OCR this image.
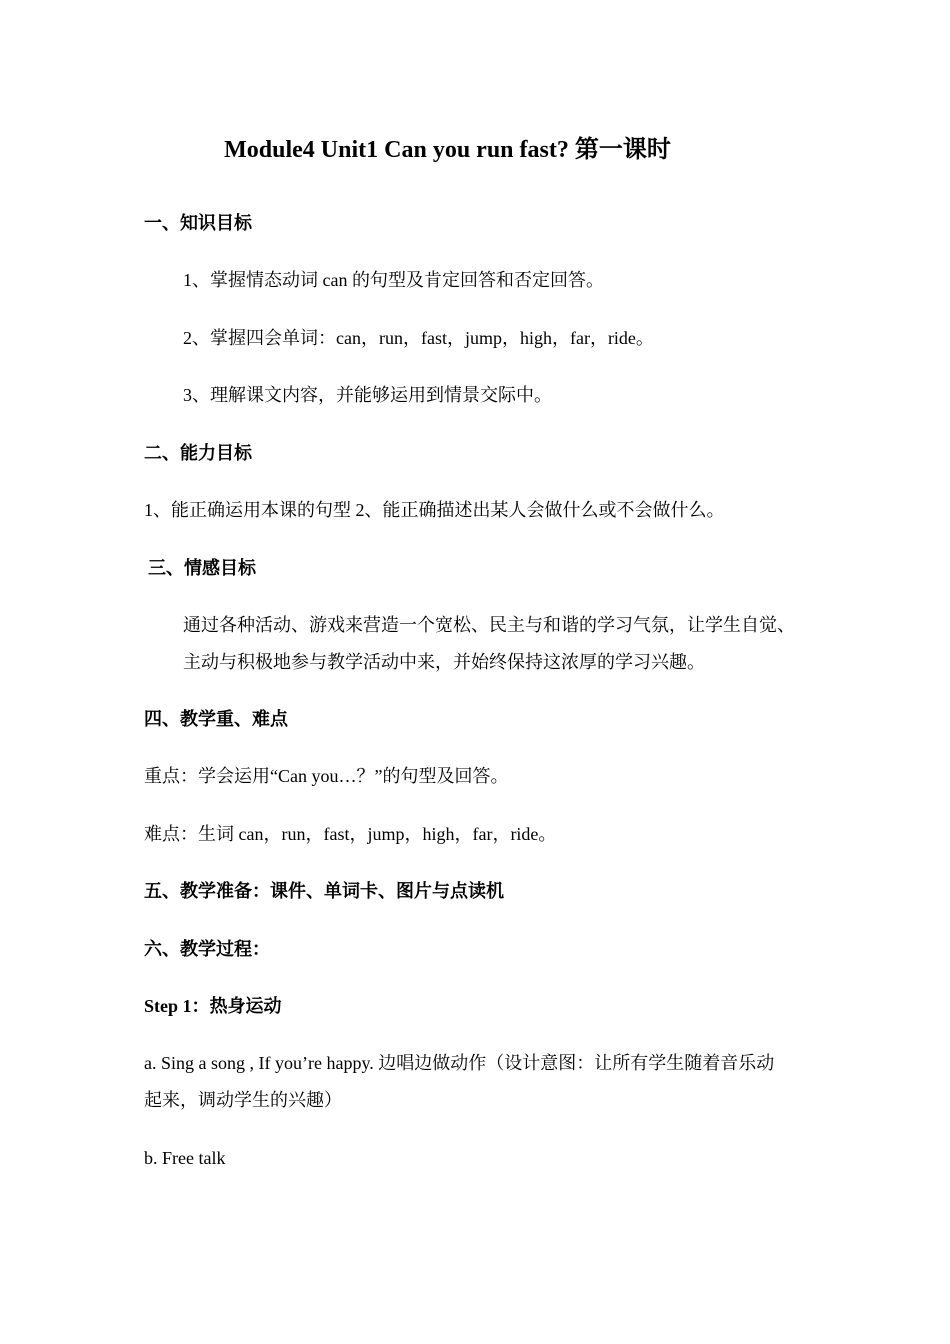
Module4 Unit1 Can you run fast? 第一课时
一、知识目标
1、掌握情态动词 can 的句型及肯定回答和否定回答。
2、掌握四会单词：can，run，fast，jump，high，far，ride。
3、理解课文内容，并能够运用到情景交际中。
二、能力目标
1、能正确运用本课的句型 2、能正确描述出某人会做什么或不会做什么。
三、情感目标
通过各种活动、游戏来营造一个宽松、民主与和谐的学习气氛，让学生自觉、
主动与积极地参与教学活动中来，并始终保持这浓厚的学习兴趣。
四、教学重、难点
重点：学会运用“Can you…？”的句型及回答。
难点：生词 can，run，fast，jump，high，far，ride。
五、教学准备：课件、单词卡、图片与点读机
六、教学过程：
Step 1：热身运动
a. Sing a song , If you’re happy. 边唱边做动作（设计意图：让所有学生随着音乐动
起来，调动学生的兴趣）
b. Free talk
